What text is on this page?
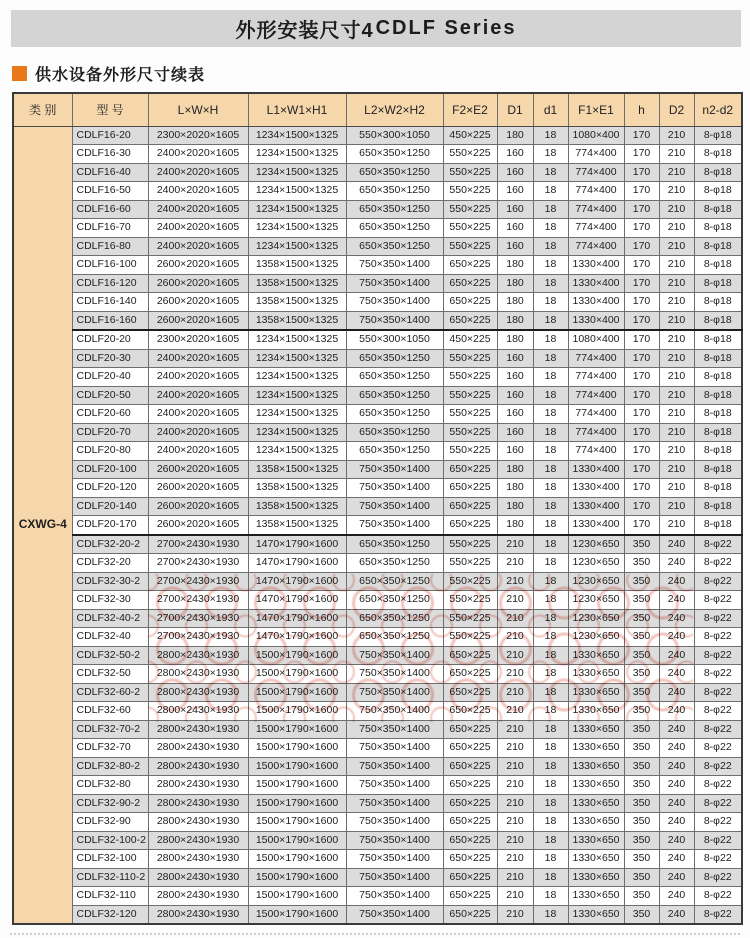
外形安装尺寸4 CDLF Series
供水设备外形尺寸续表
类 别	型 号	L×W×H	L1×W1×H1	L2×W2×H2	F2×E2	D1	d1	F1×E1	h	D2	n2-d2
CXWG-4	CDLF16-20	2300×2020×1605	1234×1500×1325	550×300×1050	450×225	180	18	1080×400	170	210	8-φ18
	CDLF16-30	2400×2020×1605	1234×1500×1325	650×350×1250	550×225	160	18	774×400	170	210	8-φ18
	CDLF16-40	2400×2020×1605	1234×1500×1325	650×350×1250	550×225	160	18	774×400	170	210	8-φ18
	CDLF16-50	2400×2020×1605	1234×1500×1325	650×350×1250	550×225	160	18	774×400	170	210	8-φ18
	CDLF16-60	2400×2020×1605	1234×1500×1325	650×350×1250	550×225	160	18	774×400	170	210	8-φ18
	CDLF16-70	2400×2020×1605	1234×1500×1325	650×350×1250	550×225	160	18	774×400	170	210	8-φ18
	CDLF16-80	2400×2020×1605	1234×1500×1325	650×350×1250	550×225	160	18	774×400	170	210	8-φ18
	CDLF16-100	2600×2020×1605	1358×1500×1325	750×350×1400	650×225	180	18	1330×400	170	210	8-φ18
	CDLF16-120	2600×2020×1605	1358×1500×1325	750×350×1400	650×225	180	18	1330×400	170	210	8-φ18
	CDLF16-140	2600×2020×1605	1358×1500×1325	750×350×1400	650×225	180	18	1330×400	170	210	8-φ18
	CDLF16-160	2600×2020×1605	1358×1500×1325	750×350×1400	650×225	180	18	1330×400	170	210	8-φ18
	CDLF20-20	2300×2020×1605	1234×1500×1325	550×300×1050	450×225	180	18	1080×400	170	210	8-φ18
	CDLF20-30	2400×2020×1605	1234×1500×1325	650×350×1250	550×225	160	18	774×400	170	210	8-φ18
	CDLF20-40	2400×2020×1605	1234×1500×1325	650×350×1250	550×225	160	18	774×400	170	210	8-φ18
	CDLF20-50	2400×2020×1605	1234×1500×1325	650×350×1250	550×225	160	18	774×400	170	210	8-φ18
	CDLF20-60	2400×2020×1605	1234×1500×1325	650×350×1250	550×225	160	18	774×400	170	210	8-φ18
	CDLF20-70	2400×2020×1605	1234×1500×1325	650×350×1250	550×225	160	18	774×400	170	210	8-φ18
	CDLF20-80	2400×2020×1605	1234×1500×1325	650×350×1250	550×225	160	18	774×400	170	210	8-φ18
	CDLF20-100	2600×2020×1605	1358×1500×1325	750×350×1400	650×225	180	18	1330×400	170	210	8-φ18
	CDLF20-120	2600×2020×1605	1358×1500×1325	750×350×1400	650×225	180	18	1330×400	170	210	8-φ18
	CDLF20-140	2600×2020×1605	1358×1500×1325	750×350×1400	650×225	180	18	1330×400	170	210	8-φ18
	CDLF20-170	2600×2020×1605	1358×1500×1325	750×350×1400	650×225	180	18	1330×400	170	210	8-φ18
	CDLF32-20-2	2700×2430×1930	1470×1790×1600	650×350×1250	550×225	210	18	1230×650	350	240	8-φ22
	CDLF32-20	2700×2430×1930	1470×1790×1600	650×350×1250	550×225	210	18	1230×650	350	240	8-φ22
	CDLF32-30-2	2700×2430×1930	1470×1790×1600	650×350×1250	550×225	210	18	1230×650	350	240	8-φ22
	CDLF32-30	2700×2430×1930	1470×1790×1600	650×350×1250	550×225	210	18	1230×650	350	240	8-φ22
	CDLF32-40-2	2700×2430×1930	1470×1790×1600	650×350×1250	550×225	210	18	1230×650	350	240	8-φ22
	CDLF32-40	2700×2430×1930	1470×1790×1600	650×350×1250	550×225	210	18	1230×650	350	240	8-φ22
	CDLF32-50-2	2800×2430×1930	1500×1790×1600	750×350×1400	650×225	210	18	1330×650	350	240	8-φ22
	CDLF32-50	2800×2430×1930	1500×1790×1600	750×350×1400	650×225	210	18	1330×650	350	240	8-φ22
	CDLF32-60-2	2800×2430×1930	1500×1790×1600	750×350×1400	650×225	210	18	1330×650	350	240	8-φ22
	CDLF32-60	2800×2430×1930	1500×1790×1600	750×350×1400	650×225	210	18	1330×650	350	240	8-φ22
	CDLF32-70-2	2800×2430×1930	1500×1790×1600	750×350×1400	650×225	210	18	1330×650	350	240	8-φ22
	CDLF32-70	2800×2430×1930	1500×1790×1600	750×350×1400	650×225	210	18	1330×650	350	240	8-φ22
	CDLF32-80-2	2800×2430×1930	1500×1790×1600	750×350×1400	650×225	210	18	1330×650	350	240	8-φ22
	CDLF32-80	2800×2430×1930	1500×1790×1600	750×350×1400	650×225	210	18	1330×650	350	240	8-φ22
	CDLF32-90-2	2800×2430×1930	1500×1790×1600	750×350×1400	650×225	210	18	1330×650	350	240	8-φ22
	CDLF32-90	2800×2430×1930	1500×1790×1600	750×350×1400	650×225	210	18	1330×650	350	240	8-φ22
	CDLF32-100-2	2800×2430×1930	1500×1790×1600	750×350×1400	650×225	210	18	1330×650	350	240	8-φ22
	CDLF32-100	2800×2430×1930	1500×1790×1600	750×350×1400	650×225	210	18	1330×650	350	240	8-φ22
	CDLF32-110-2	2800×2430×1930	1500×1790×1600	750×350×1400	650×225	210	18	1330×650	350	240	8-φ22
	CDLF32-110	2800×2430×1930	1500×1790×1600	750×350×1400	650×225	210	18	1330×650	350	240	8-φ22
	CDLF32-120	2800×2430×1930	1500×1790×1600	750×350×1400	650×225	210	18	1330×650	350	240	8-φ22
